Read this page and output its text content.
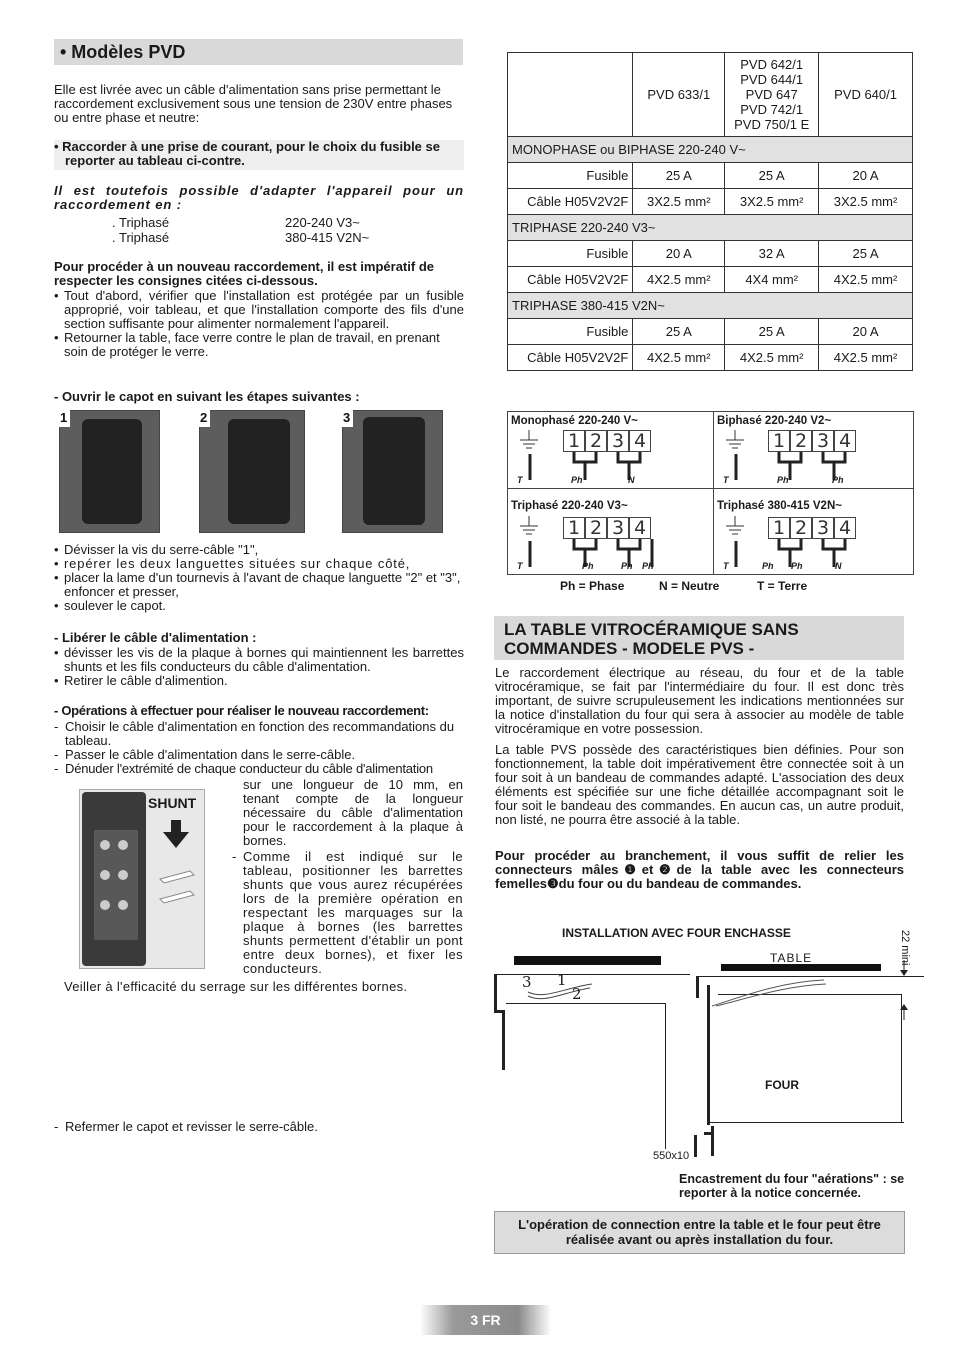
• Modèles PVD
Elle est livrée avec un câble d'alimentation sans prise permettant le raccordement exclusivement sous une tension de 230V entre phases ou entre phase et neutre:
• Raccorder à une prise de courant, pour le choix du fusible se reporter au tableau ci-contre.
Il est toutefois possible d'adapter l'appareil pour un raccordement en :
. Triphasé	220-240 V3~
. Triphasé	380-415 V2N~
Pour procéder à un nouveau raccordement, il est impératif de respecter les consignes citées ci-dessous.
• Tout d'abord, vérifier que l'installation est protégée par un fusible approprié, voir tableau, et que l'installation comporte des fils d'une section suffisante pour alimenter normalement l'appareil.
• Retourner la table, face verre contre le plan de travail, en prenant soin de protéger le verre.
- Ouvrir le capot en suivant les étapes suivantes :
1	2	3
• Dévisser la vis du serre-câble "1",
• repérer les deux languettes situées sur chaque côté,
• placer la lame d'un tournevis à l'avant de chaque languette "2" et "3", enfoncer et presser,
• soulever le capot.
- Libérer le câble d'alimentation :
• dévisser les vis de la plaque à bornes qui maintiennent les barrettes shunts et les fils conducteurs du câble d'alimentation.
• Retirer le câble d'alimention.
- Opérations à effectuer pour réaliser le nouveau raccordement:
- Choisir le câble d'alimentation en fonction des recommandations du tableau.
- Passer le câble d'alimentation dans le serre-câble.
- Dénuder l'extrémité de chaque conducteur du câble d'alimentation
SHUNT
sur une longueur de 10 mm, en tenant compte de la longueur nécessaire du câble d'alimentation pour le raccordement à la plaque à bornes.
- Comme il est indiqué sur le tableau, positionner les barrettes shunts que vous aurez récupérées lors de la première opération en respectant les marquages sur la plaque à bornes (les barrettes shunts permettent d'établir un pont entre deux bornes), et fixer les conducteurs.
Veiller à l'efficacité du serrage sur les différentes bornes.
- Refermer le capot et revisser le serre-câble.
	PVD 633/1	PVD 642/1
PVD 644/1
PVD 647
PVD 742/1
PVD 750/1 E	PVD 640/1
MONOPHASE ou BIPHASE 220-240 V~			
Fusible	25 A	25 A	20 A
Câble H05V2V2F	3X2.5 mm²	3X2.5 mm²	3X2.5 mm²
TRIPHASE 220-240 V3~			
Fusible	20 A	32 A	25 A
Câble H05V2V2F	4X2.5 mm²	4X4 mm²	4X2.5 mm²
TRIPHASE 380-415 V2N~			
Fusible	25 A	25 A	20 A
Câble H05V2V2F	4X2.5 mm²	4X2.5 mm²	4X2.5 mm²
Monophasé 220-240 V~
1 2 3 4
T	Ph	N
Biphasé 220-240 V2~
1 2 3 4
T	Ph	Ph
Triphasé 220-240 V3~
1 2 3 4
T	Ph	Ph Ph
Triphasé 380-415 V2N~
1 2 3 4
T	Ph Ph	N
Ph = Phase	N = Neutre	T = Terre
LA TABLE VITROCÉRAMIQUE SANS COMMANDES - MODELE PVS -
Le raccordement électrique au réseau, du four et de la table vitrocéramique, se fait par l'intermédiaire du four. Il est donc très important, de suivre scrupuleusement les indications mentionnées sur la notice d'installation du four qui sera à associer au modèle de table vitrocéramique en votre possession.
La table PVS possède des caractéristiques bien définies. Pour son fonctionnement, la table doit impérativement être connectée soit à un four soit à un bandeau de commandes adapté. L'association des deux éléments est spécifiée sur une fiche détaillée accompagnant soit le four soit le bandeau des commandes. En aucun cas, un autre produit, non listé, ne pourra être associé à la table.
Pour procéder au branchement, il vous suffit de relier les connecteurs mâles❶et❷de la table avec les connecteurs femelles❸du four ou du bandeau de commandes.
INSTALLATION AVEC FOUR ENCHASSE
3 1
2
TABLE
FOUR
22 mini
550x10
Encastrement du four "aérations" : se reporter à la notice concernée.
L'opération de connection entre la table et le four peut être réalisée avant ou après installation du four.
3 FR
